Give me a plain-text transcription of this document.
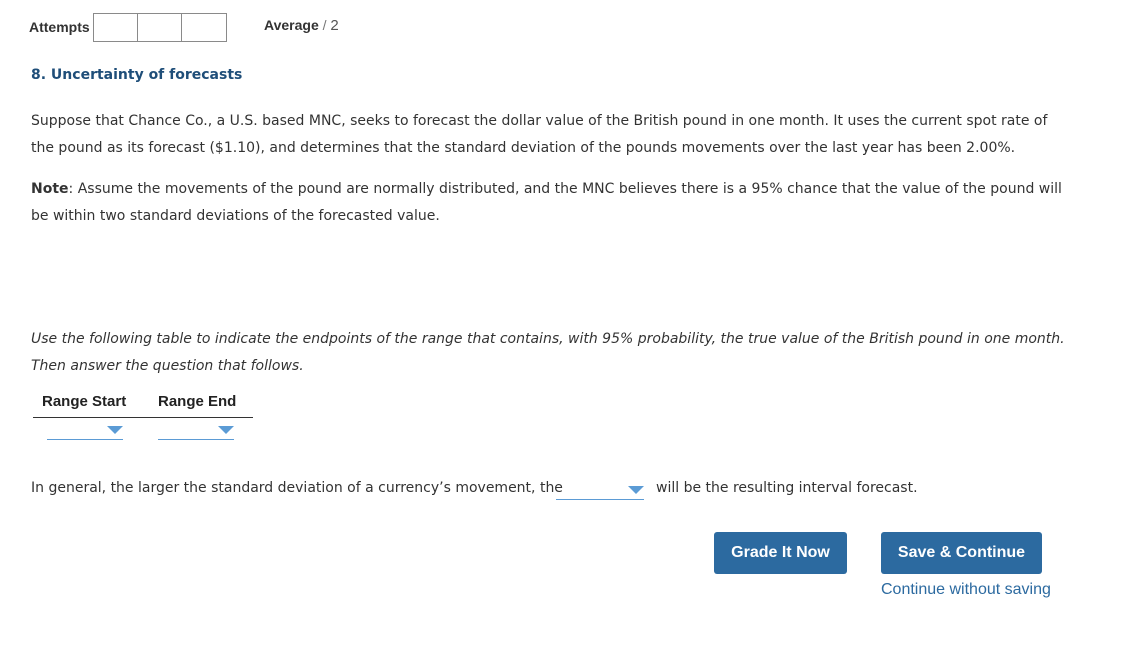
Attempts	Average / 2
8. Uncertainty of forecasts

Suppose that Chance Co., a U.S. based MNC, seeks to forecast the dollar value of the British pound in one month. It uses the current spot rate of the pound as its forecast ($1.10), and determines that the standard deviation of the pounds movements over the last year has been 2.00%.

Note: Assume the movements of the pound are normally distributed, and the MNC believes there is a 95% chance that the value of the pound will be within two standard deviations of the forecasted value.

Use the following table to indicate the endpoints of the range that contains, with 95% probability, the true value of the British pound in one month. Then answer the question that follows.

Range Start	Range End
In general, the larger the standard deviation of a currency’s movement, the	will be the resulting interval forecast.
Grade It Now	Save & Continue
Continue without saving
